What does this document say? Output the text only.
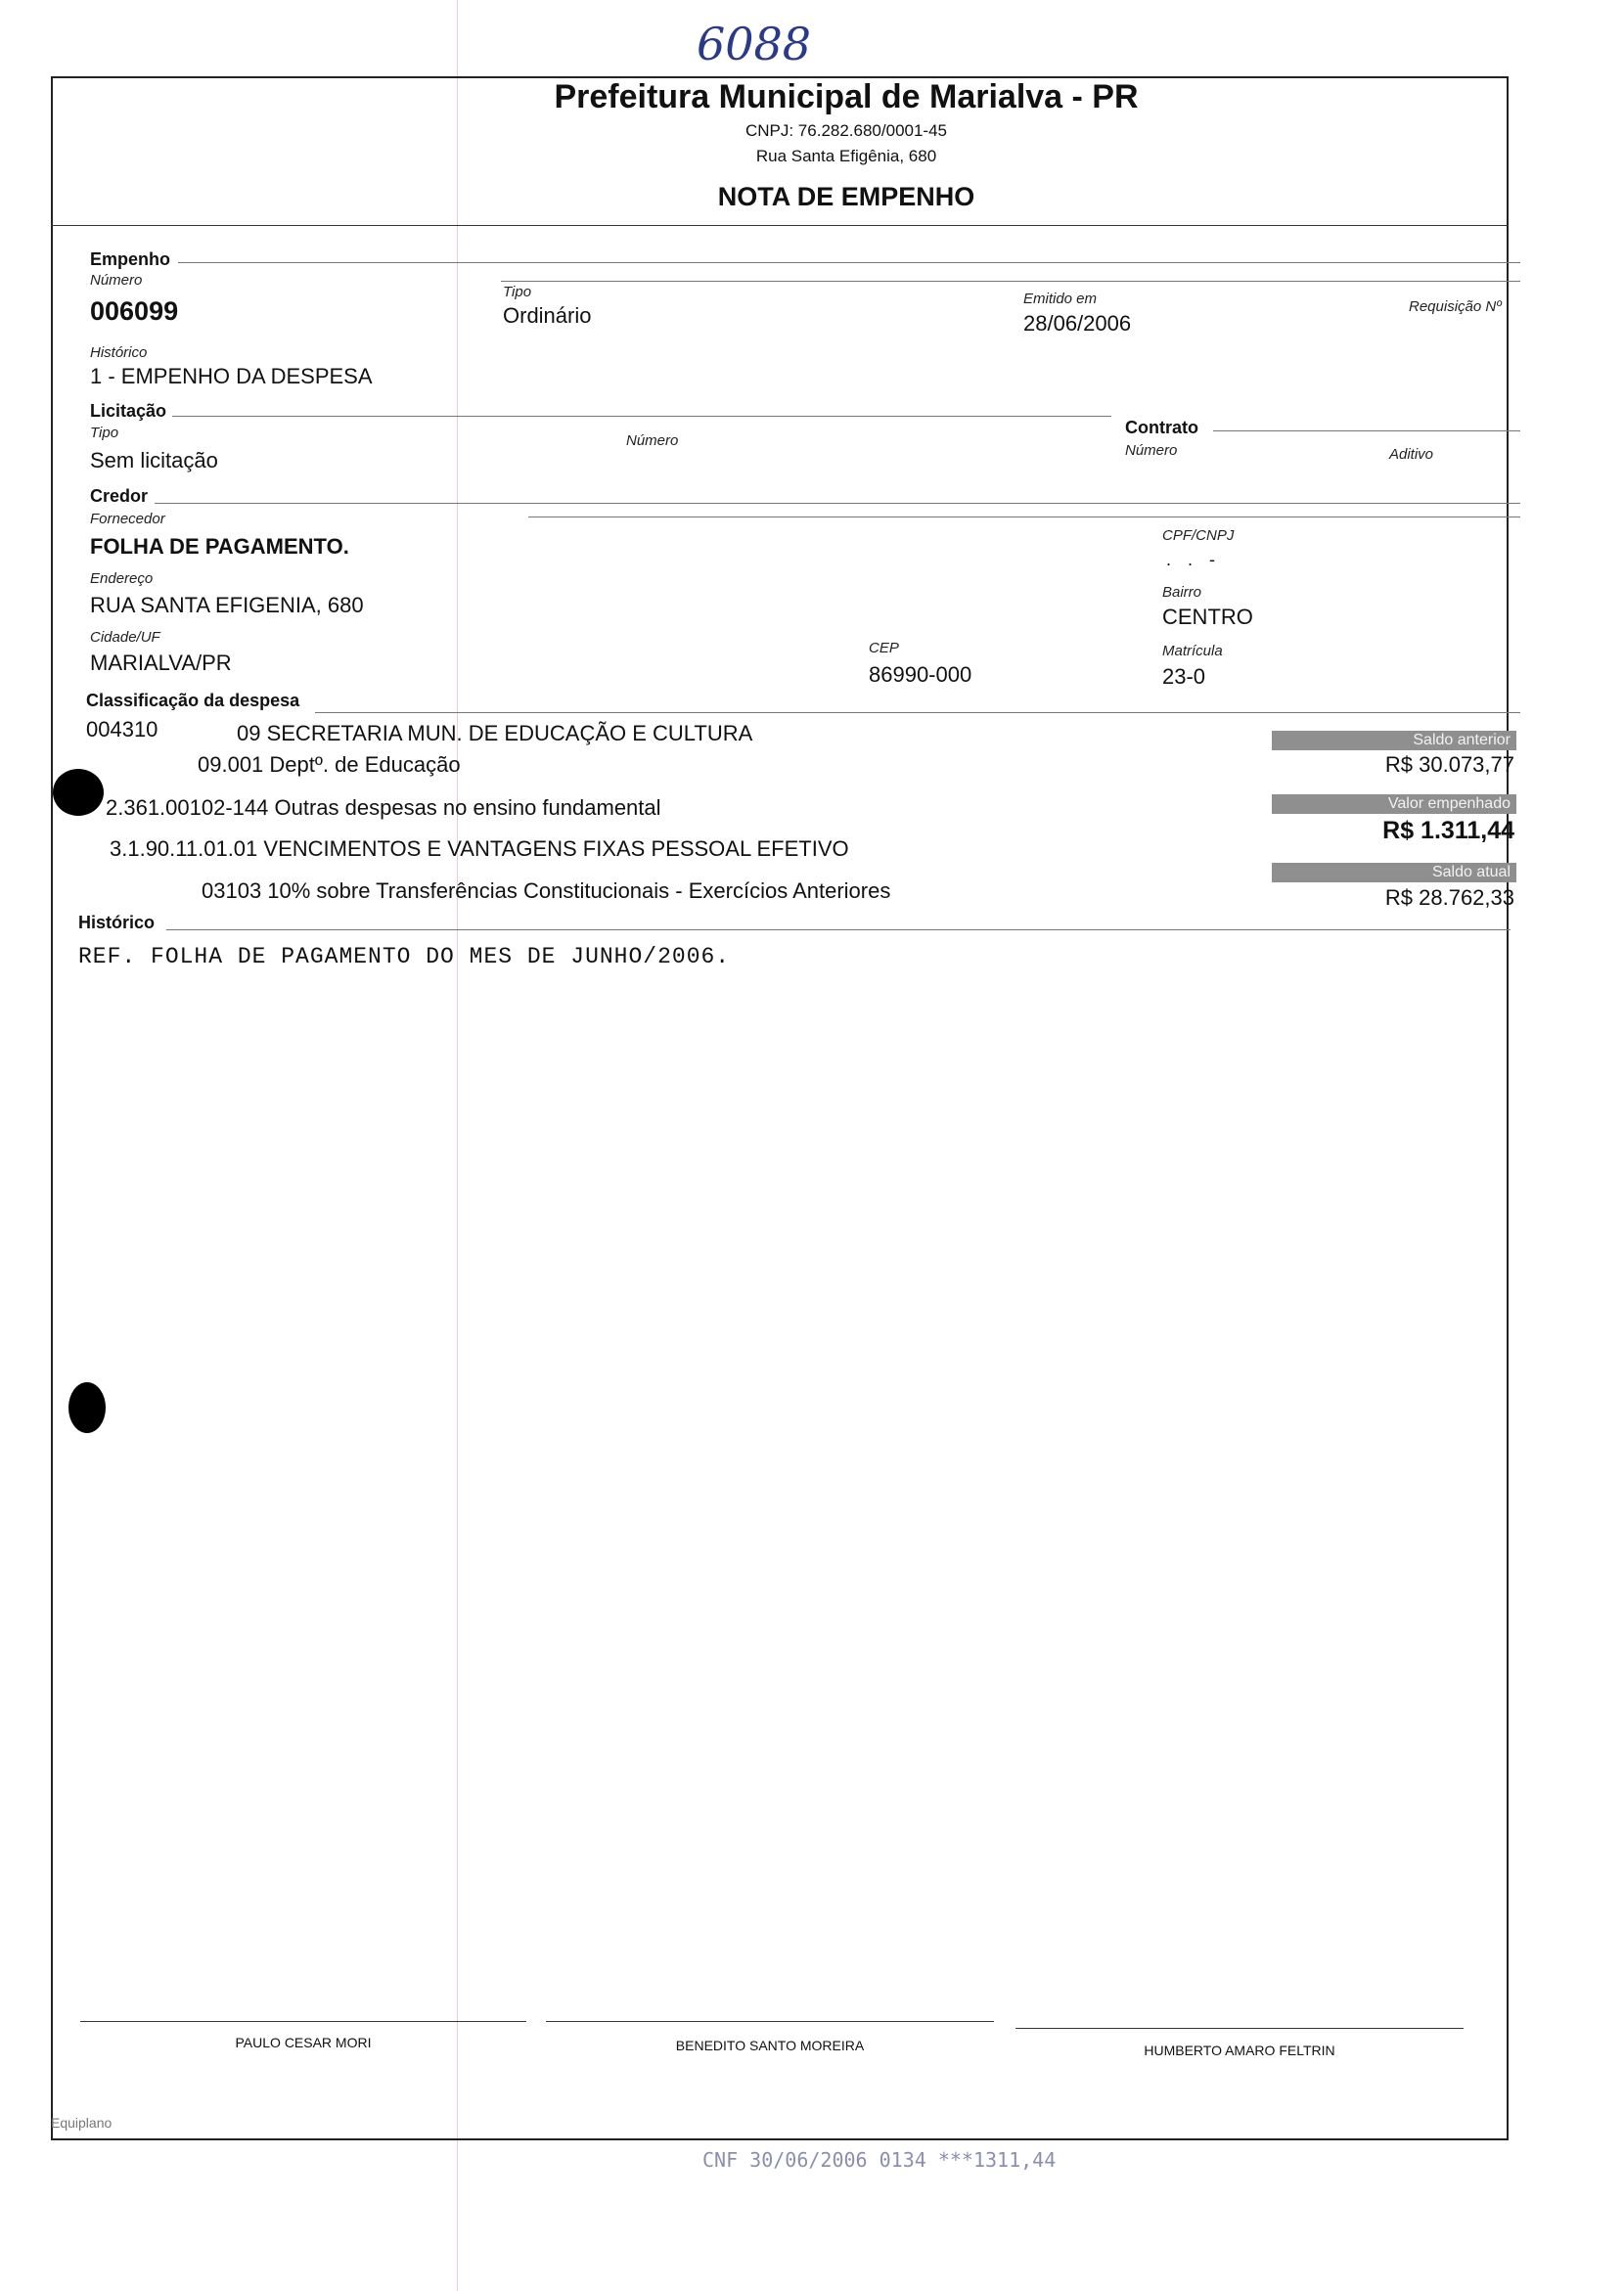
6088
Prefeitura Municipal de Marialva - PR
CNPJ: 76.282.680/0001-45
Rua Santa Efigênia, 680
NOTA DE EMPENHO
Empenho
Número
006099
Tipo
Ordinário
Emitido em
28/06/2006
Requisição Nº
Histórico
1 - EMPENHO DA DESPESA
Licitação
Tipo
Sem licitação
Número
Contrato
Número	Aditivo
Credor
Fornecedor
FOLHA DE PAGAMENTO.	CPF/CNPJ
. . -
Endereço
RUA SANTA EFIGENIA, 680
Bairro
CENTRO
Cidade/UF
MARIALVA/PR
CEP
86990-000
Matrícula
23-0
Classificação da despesa
004310	09 SECRETARIA MUN. DE EDUCAÇÃO E CULTURA
09.001 Deptº. de Educação
2.361.00102-144 Outras despesas no ensino fundamental
3.1.90.11.01.01 VENCIMENTOS E VANTAGENS FIXAS PESSOAL EFETIVO
03103 10% sobre Transferências Constitucionais - Exercícios Anteriores
Saldo anterior
R$ 30.073,77
Valor empenhado
R$ 1.311,44
Saldo atual
R$ 28.762,33
Histórico
REF. FOLHA DE PAGAMENTO DO MES DE JUNHO/2006.
PAULO CESAR MORI	BENEDITO SANTO MOREIRA	HUMBERTO AMARO FELTRIN
Equiplano
CNF 30/06/2006 0134 ***1311,44
